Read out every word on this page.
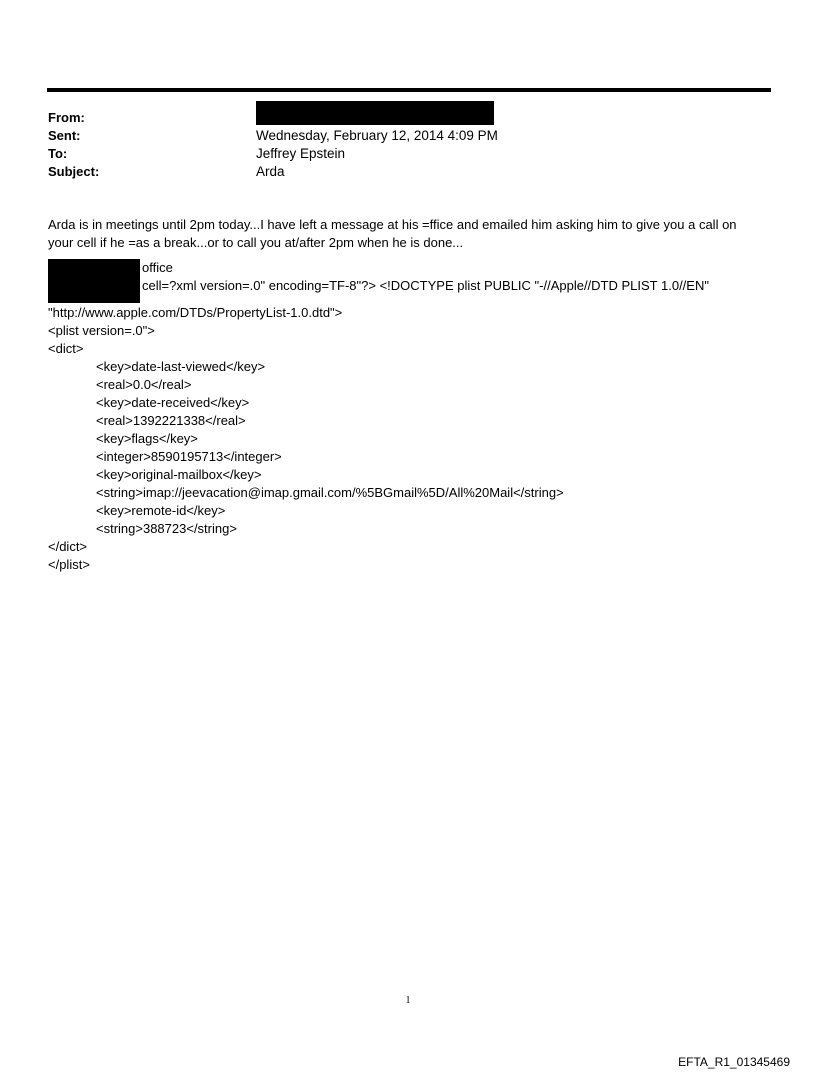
From:
Sent:	Wednesday, February 12, 2014 4:09 PM
To:	Jeffrey Epstein
Subject:	Arda
Arda is in meetings until 2pm today...I have left a message at his =ffice and emailed him asking him to give you a call on
your cell if he =as a break...or to call you at/after 2pm when he is done...
office
cell=?xml version=.0" encoding=TF-8"?> <!DOCTYPE plist PUBLIC "-//Apple//DTD PLIST 1.0//EN"
"http://www.apple.com/DTDs/PropertyList-1.0.dtd">
<plist version=.0">
<dict>
<key>date-last-viewed</key>
<real>0.0</real>
<key>date-received</key>
<real>1392221338</real>
<key>flags</key>
<integer>8590195713</integer>
<key>original-mailbox</key>
<string>imap://jeevacation@imap.gmail.com/%5BGmail%5D/All%20Mail</string>
<key>remote-id</key>
<string>388723</string>
</dict>
</plist>
1
EFTA_R1_01345469
